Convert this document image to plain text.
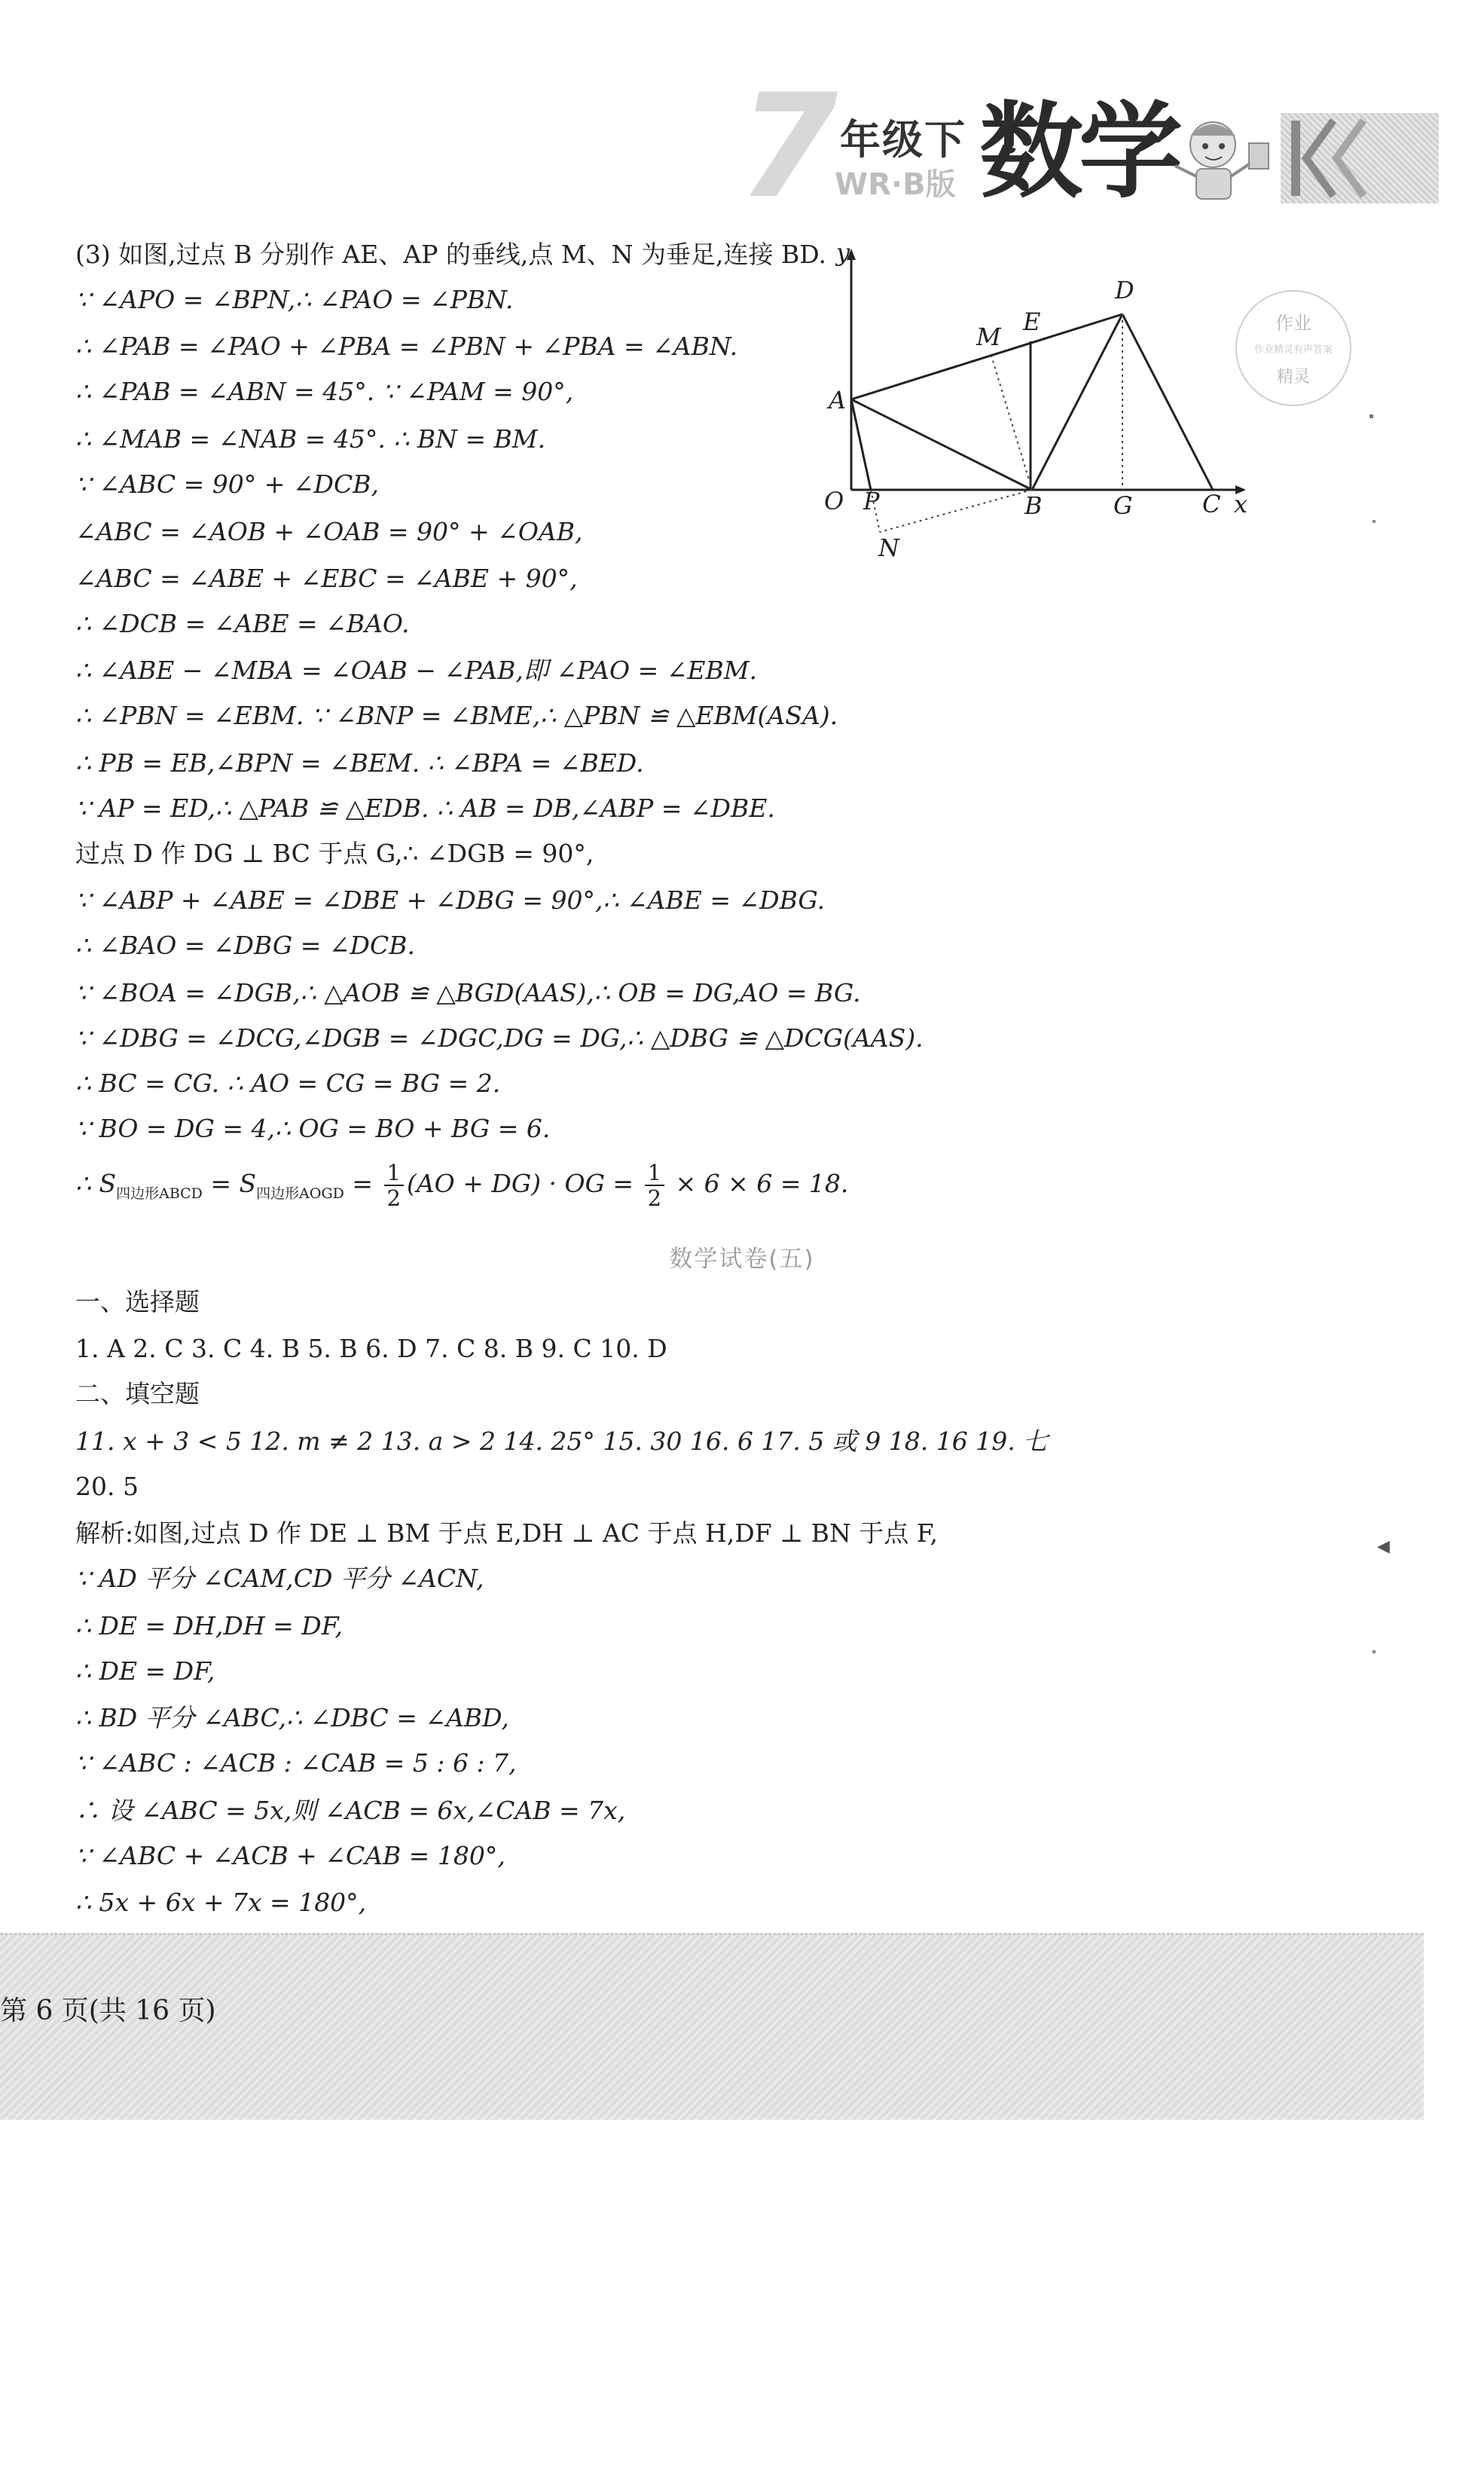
7 年级下
WR·B版 数学
作业
作业精灵有声答案
精灵
y
D
M
E
A
O P	B	G	C x
N
(3) 如图,过点 B 分别作 AE、AP 的垂线,点 M、N 为垂足,连接 BD.
∵ ∠APO = ∠BPN,∴ ∠PAO = ∠PBN.
∴ ∠PAB = ∠PAO + ∠PBA = ∠PBN + ∠PBA = ∠ABN.
∴ ∠PAB = ∠ABN = 45°. ∵ ∠PAM = 90°,
∴ ∠MAB = ∠NAB = 45°. ∴ BN = BM.
∵ ∠ABC = 90° + ∠DCB,
∠ABC = ∠AOB + ∠OAB = 90° + ∠OAB,
∠ABC = ∠ABE + ∠EBC = ∠ABE + 90°,
∴ ∠DCB = ∠ABE = ∠BAO.
∴ ∠ABE − ∠MBA = ∠OAB − ∠PAB,即 ∠PAO = ∠EBM.
∴ ∠PBN = ∠EBM. ∵ ∠BNP = ∠BME,∴ △PBN ≌ △EBM(ASA).
∴ PB = EB,∠BPN = ∠BEM. ∴ ∠BPA = ∠BED.
∵ AP = ED,∴ △PAB ≌ △EDB. ∴ AB = DB,∠ABP = ∠DBE.
过点 D 作 DG ⊥ BC 于点 G,∴ ∠DGB = 90°,
∵ ∠ABP + ∠ABE = ∠DBE + ∠DBG = 90°,∴ ∠ABE = ∠DBG.
∴ ∠BAO = ∠DBG = ∠DCB.
∵ ∠BOA = ∠DGB,∴ △AOB ≌ △BGD(AAS),∴ OB = DG,AO = BG.
∵ ∠DBG = ∠DCG,∠DGB = ∠DGC,DG = DG,∴ △DBG ≌ △DCG(AAS).
∴ BC = CG. ∴ AO = CG = BG = 2.
∵ BO = DG = 4,∴ OG = BO + BG = 6.
∴ $S_{四边形ABCD} = S_{四边形AOGD} = \frac{1}{2} (AO + DG)$ · OG = $\frac{1}{2} \times 6 \times 6 = 18$.
数学试卷(五)
一、选择题
1. A 2. C 3. C 4. B 5. B 6. D 7. C 8. B 9. C 10. D
二、填空题
11. x + 3 < 5 12. m ≠ 2 13. a > 2 14. 25° 15. 30 16. 6 17. 5 或 9 18. 16 19. 七
20. 5
解析:如图,过点 D 作 DE ⊥ BM 于点 E,DH ⊥ AC 于点 H,DF ⊥ BN 于点 F,
∵ AD 平分 ∠CAM,CD 平分 ∠ACN,
∴ DE = DH,DH = DF,
∴ DE = DF,
∴ BD 平分 ∠ABC,∴ ∠DBC = ∠ABD,
∵ ∠ABC : ∠ACB : ∠CAB = 5 : 6 : 7,
∴ 设 ∠ABC = 5x,则 ∠ACB = 6x,∠CAB = 7x,
∵ ∠ABC + ∠ACB + ∠CAB = 180°,
∴ 5x + 6x + 7x = 180°,
◀
第 6 页(共 16 页)
